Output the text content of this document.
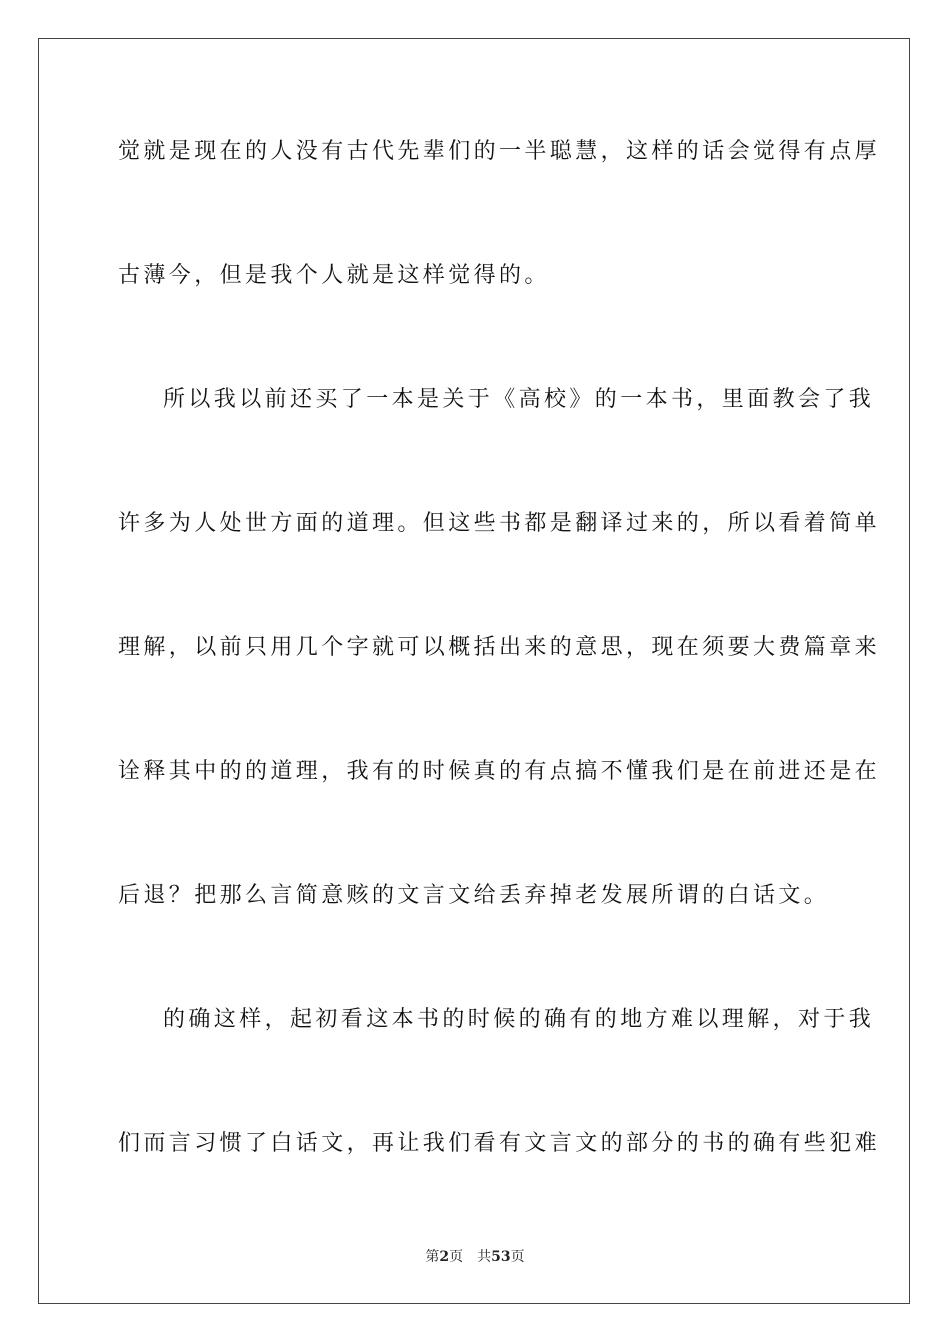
觉就是现在的人没有古代先辈们的一半聪慧，这样的话会觉得有点厚
古薄今，但是我个人就是这样觉得的。
所以我以前还买了一本是关于《高校》的一本书，里面教会了我
许多为人处世方面的道理。但这些书都是翻译过来的，所以看着简单
理解，以前只用几个字就可以概括出来的意思，现在须要大费篇章来
诠释其中的的道理，我有的时候真的有点搞不懂我们是在前进还是在
后退？把那么言简意赅的文言文给丢弃掉老发展所谓的白话文。
的确这样，起初看这本书的时候的确有的地方难以理解，对于我
们而言习惯了白话文，再让我们看有文言文的部分的书的确有些犯难
第2页 共53页
